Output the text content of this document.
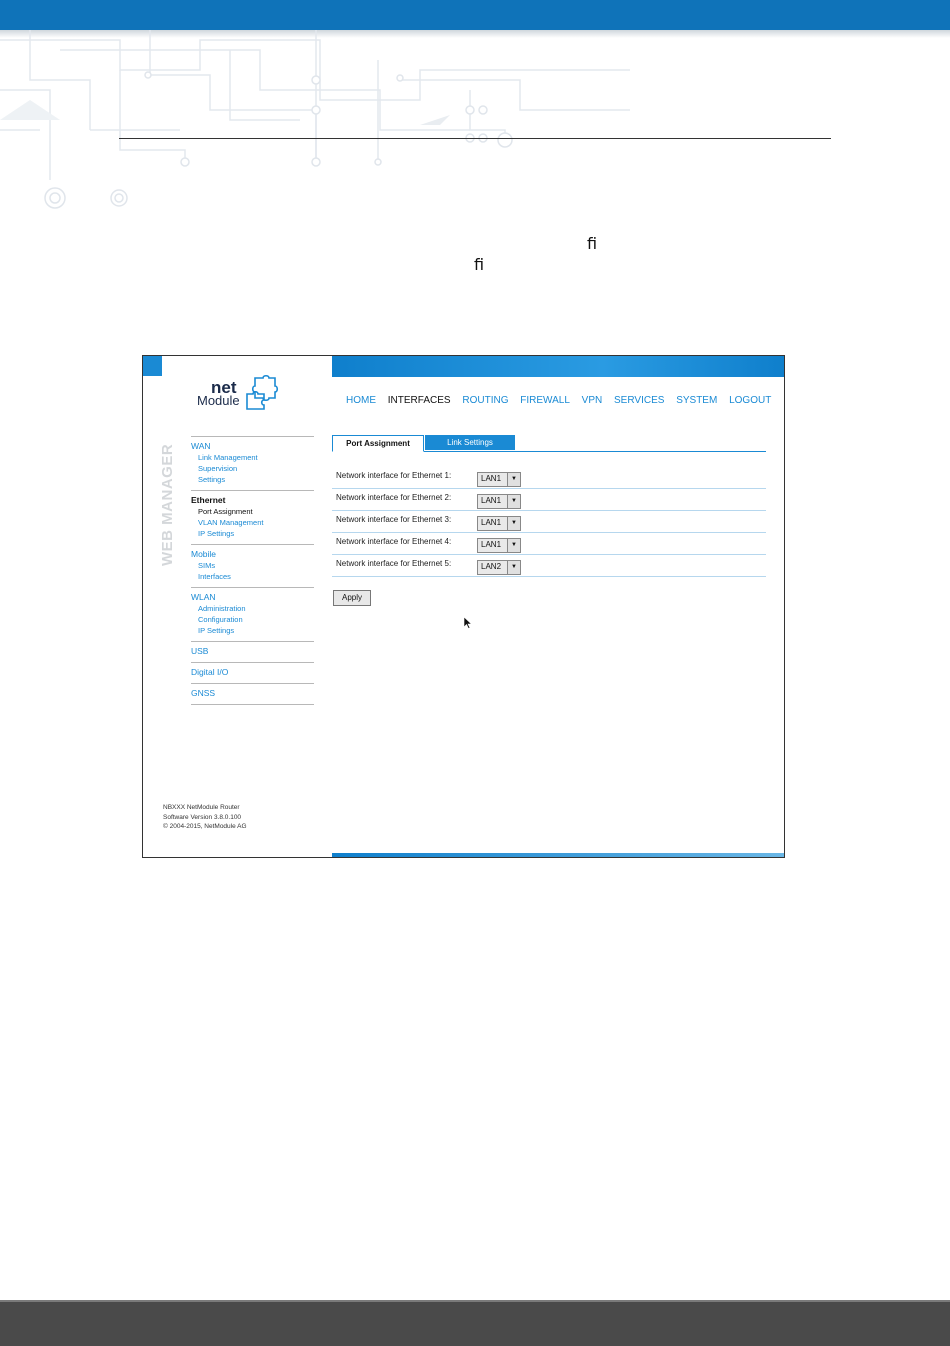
fi
fi
net
Module	HOME INTERFACES ROUTING FIREWALL VPN SERVICES SYSTEM LOGOUT
WEB MANAGER WAN
Link Management
Supervision
Settings
Ethernet
Port Assignment
VLAN Management
IP Settings
Mobile
SIMs
Interfaces
WLAN
Administration
Configuration
IP Settings
USB
Digital I/O
GNSS
NBXXX NetModule Router
Software Version 3.8.0.100
© 2004-2015, NetModule AG
Port Assignment	Link Settings
Network interface for Ethernet 1:	LAN1	▼
Network interface for Ethernet 2:	LAN1	▼
Network interface for Ethernet 3:	LAN1	▼
Network interface for Ethernet 4:	LAN1	▼
Network interface for Ethernet 5:	LAN2	▼
Apply
